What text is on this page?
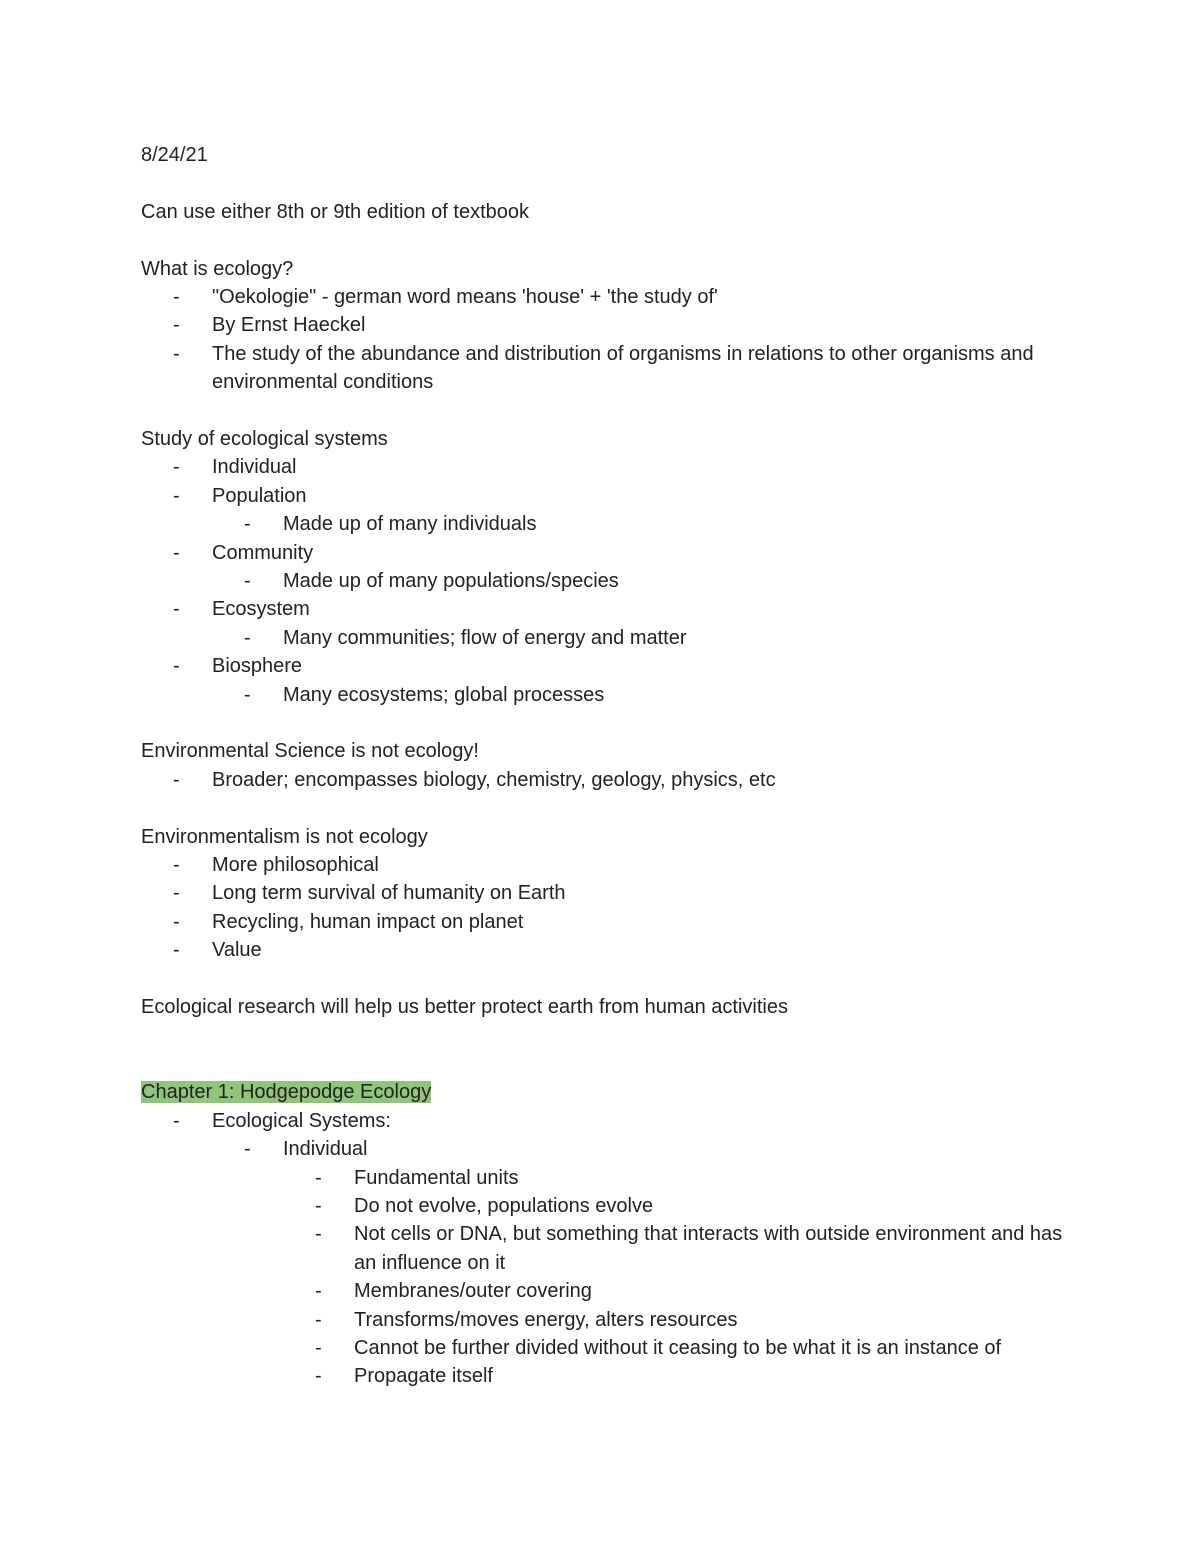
8/24/21
Can use either 8th or 9th edition of textbook
What is ecology?
-	"Oekologie" - german word means 'house' + 'the study of'
-	By Ernst Haeckel
-	The study of the abundance and distribution of organisms in relations to other organisms and environmental conditions
Study of ecological systems
-	Individual
-	Population
-	Made up of many individuals
-	Community
-	Made up of many populations/species
-	Ecosystem
-	Many communities; flow of energy and matter
-	Biosphere
-	Many ecosystems; global processes
Environmental Science is not ecology!
-	Broader; encompasses biology, chemistry, geology, physics, etc
Environmentalism is not ecology
-	More philosophical
-	Long term survival of humanity on Earth
-	Recycling, human impact on planet
-	Value
Ecological research will help us better protect earth from human activities
Chapter 1: Hodgepodge Ecology
-	Ecological Systems:
-	Individual
-	Fundamental units
-	Do not evolve, populations evolve
-	Not cells or DNA, but something that interacts with outside environment and has an influence on it
-	Membranes/outer covering
-	Transforms/moves energy, alters resources
-	Cannot be further divided without it ceasing to be what it is an instance of
-	Propagate itself
